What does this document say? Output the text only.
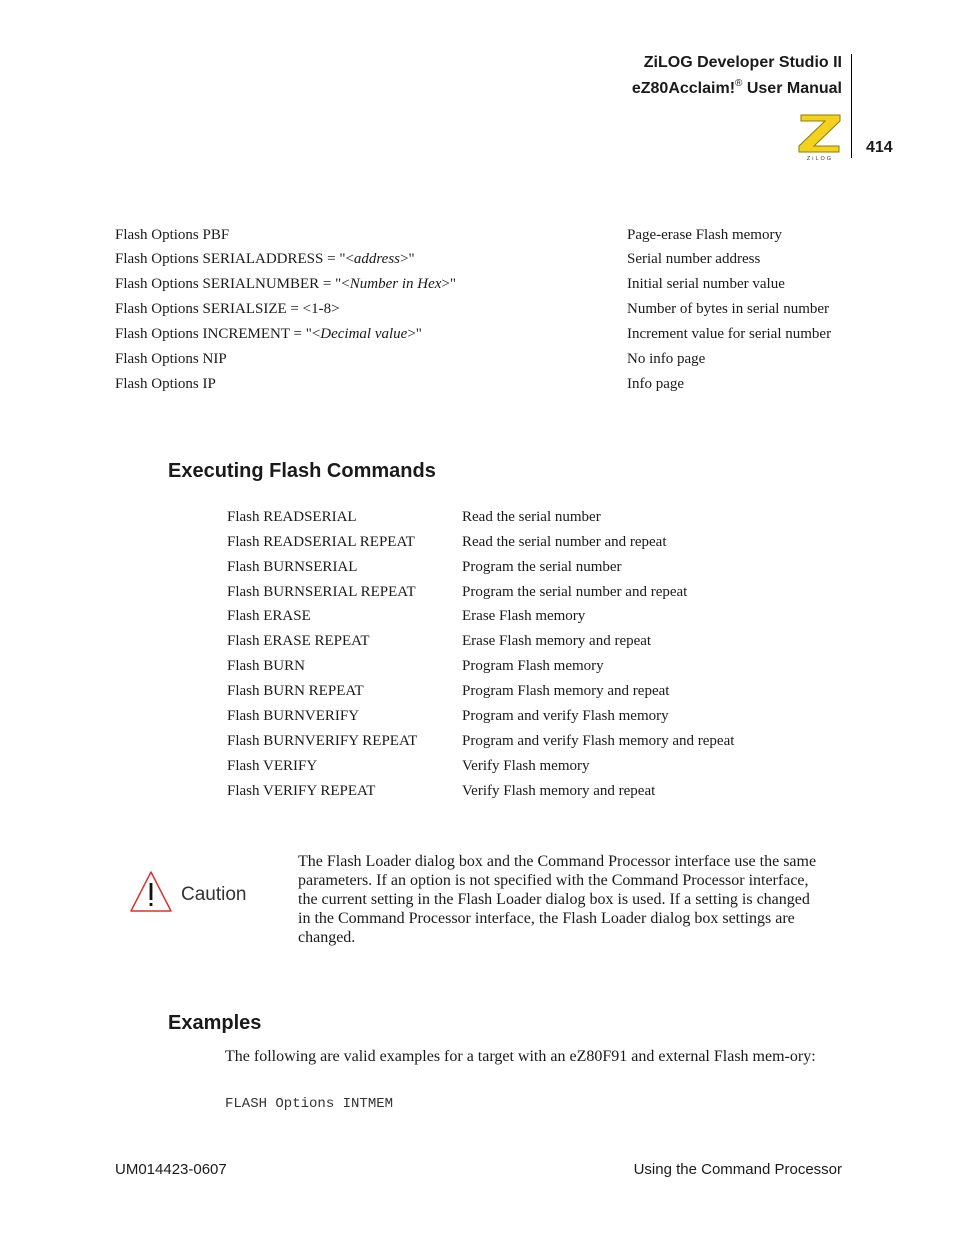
ZiLOG Developer Studio II
eZ80Acclaim!® User Manual
ZiLOG
414
Flash Options PBF	Page-erase Flash memory
Flash Options SERIALADDRESS = "<address>"	Serial number address
Flash Options SERIALNUMBER = "<Number in Hex>"	Initial serial number value
Flash Options SERIALSIZE = <1-8>	Number of bytes in serial number
Flash Options INCREMENT = "<Decimal value>"	Increment value for serial number
Flash Options NIP	No info page
Flash Options IP	Info page
Executing Flash Commands
Flash READSERIAL	Read the serial number
Flash READSERIAL REPEAT	Read the serial number and repeat
Flash BURNSERIAL	Program the serial number
Flash BURNSERIAL REPEAT	Program the serial number and repeat
Flash ERASE	Erase Flash memory
Flash ERASE REPEAT	Erase Flash memory and repeat
Flash BURN	Program Flash memory
Flash BURN REPEAT	Program Flash memory and repeat
Flash BURNVERIFY	Program and verify Flash memory
Flash BURNVERIFY REPEAT	Program and verify Flash memory and repeat
Flash VERIFY	Verify Flash memory
Flash VERIFY REPEAT	Verify Flash memory and repeat
Caution
The Flash Loader dialog box and the Command Processor interface use the same parameters. If an option is not specified with the Command Processor interface, the current setting in the Flash Loader dialog box is used. If a setting is changed in the Command Processor interface, the Flash Loader dialog box settings are changed.
Examples
The following are valid examples for a target with an eZ80F91 and external Flash mem-ory:
FLASH Options INTMEM
UM014423-0607	Using the Command Processor
